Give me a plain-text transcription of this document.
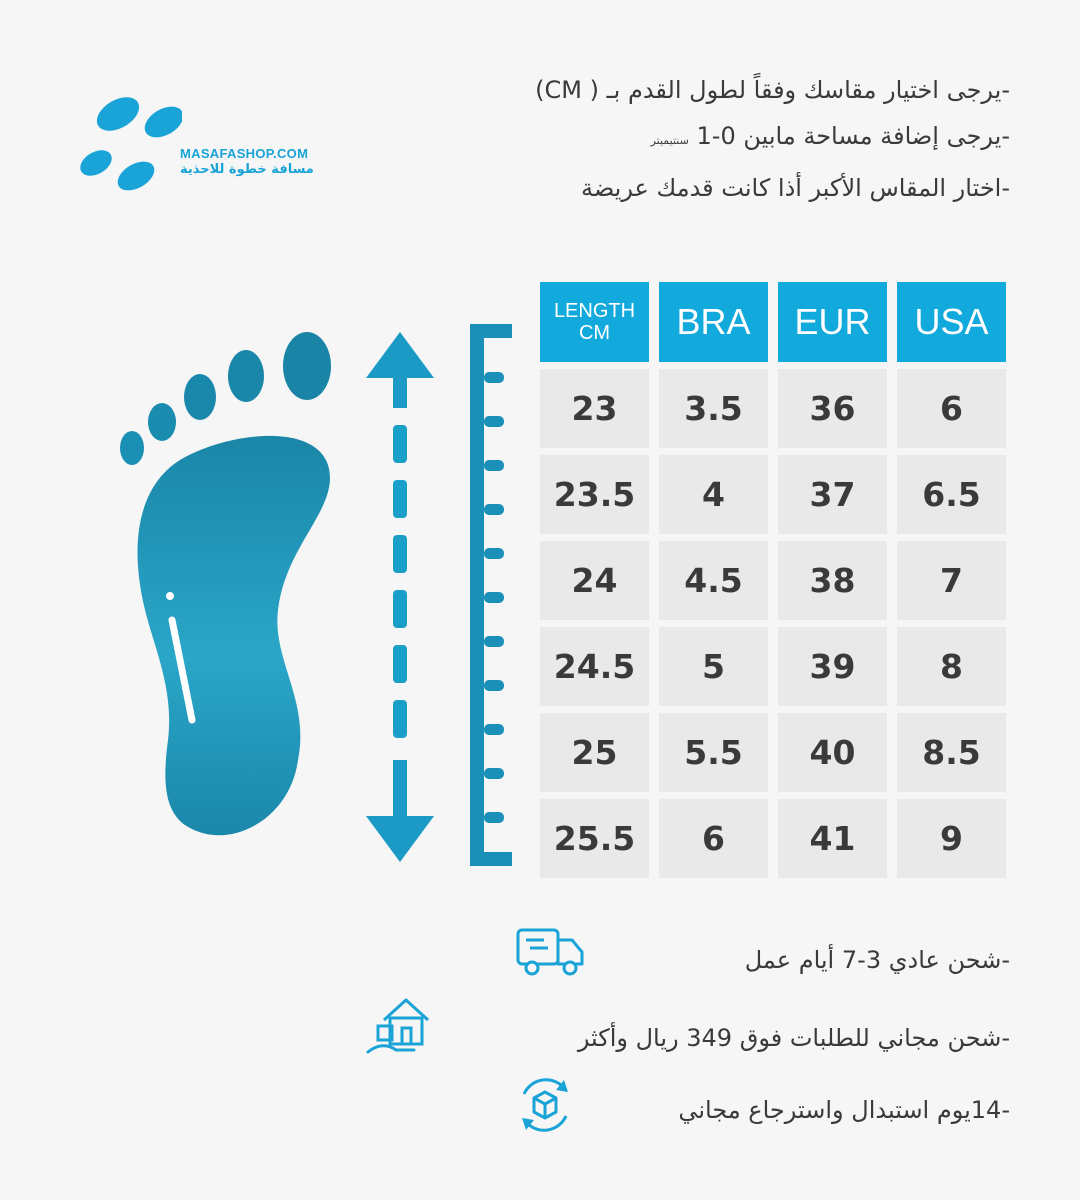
MASAFASHOP.COM
مسافة خطوة للاحذية
-يرجى اختيار مقاسك وفقاً لطول القدم بـ ( CM)
-يرجى إضافة مساحة مابين 0-1 سنتيميتر
-اختار المقاس الأكبر أذا كانت قدمك عريضة
LENGTH
CM	BRA	EUR	USA
23	3.5	36	6
23.5	4	37	6.5
24	4.5	38	7
24.5	5	39	8
25	5.5	40	8.5
25.5	6	41	9
-شحن عادي 3-7 أيام عمل
-شحن مجاني للطلبات فوق 349 ريال وأكثر
-14يوم استبدال واسترجاع مجاني
